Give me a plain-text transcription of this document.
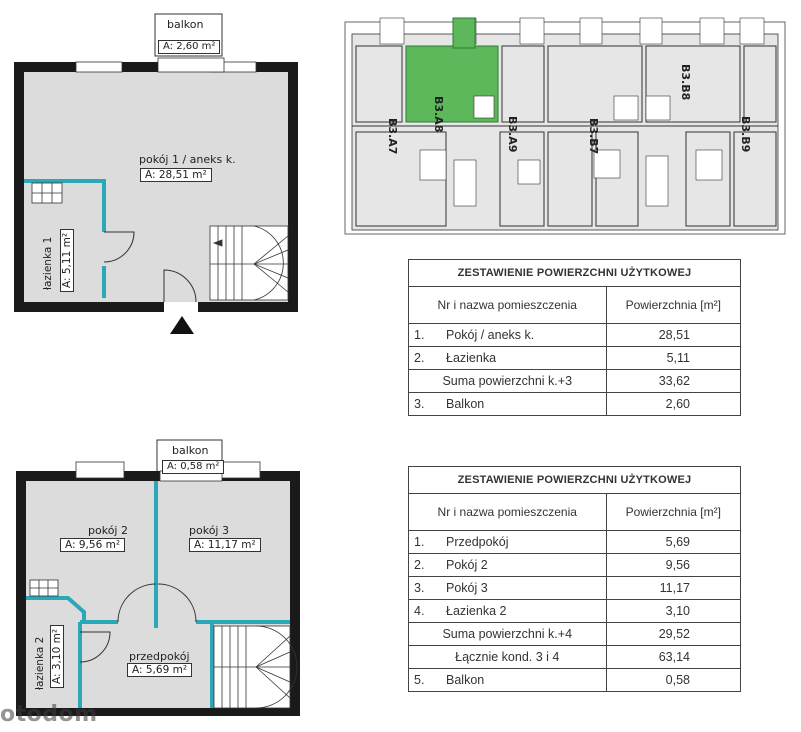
balkon
A: 2,60 m²
pokój 1 / aneks k.
A: 28,51 m²
łazienka 1 A: 5,11 m²
balkon
A: 0,58 m²
pokój 2
A: 9,56 m²
pokój 3
A: 11,17 m²
przedpokój
A: 5,69 m²
łazienka 2 A: 3,10 m²
B3.A8
B3.A7	B3.A9	B3.B7
B3.B8
B3.B9
ZESTAWIENIE POWIERZCHNI UŻYTKOWEJ		
Nr i nazwa pomieszczenia		Powierzchnia [m²]
1.	Pokój / aneks k.	28,51
2.	Łazienka	5,11
Suma powierzchni k.+3		33,62
3.	Balkon	2,60
ZESTAWIENIE POWIERZCHNI UŻYTKOWEJ		
Nr i nazwa pomieszczenia		Powierzchnia [m²]
1.	Przedpokój	5,69
2.	Pokój 2	9,56
3.	Pokój 3	11,17
4.	Łazienka 2	3,10
Suma powierzchni k.+4		29,52
Łącznie kond. 3 i 4		63,14
5.	Balkon	0,58
otodom
